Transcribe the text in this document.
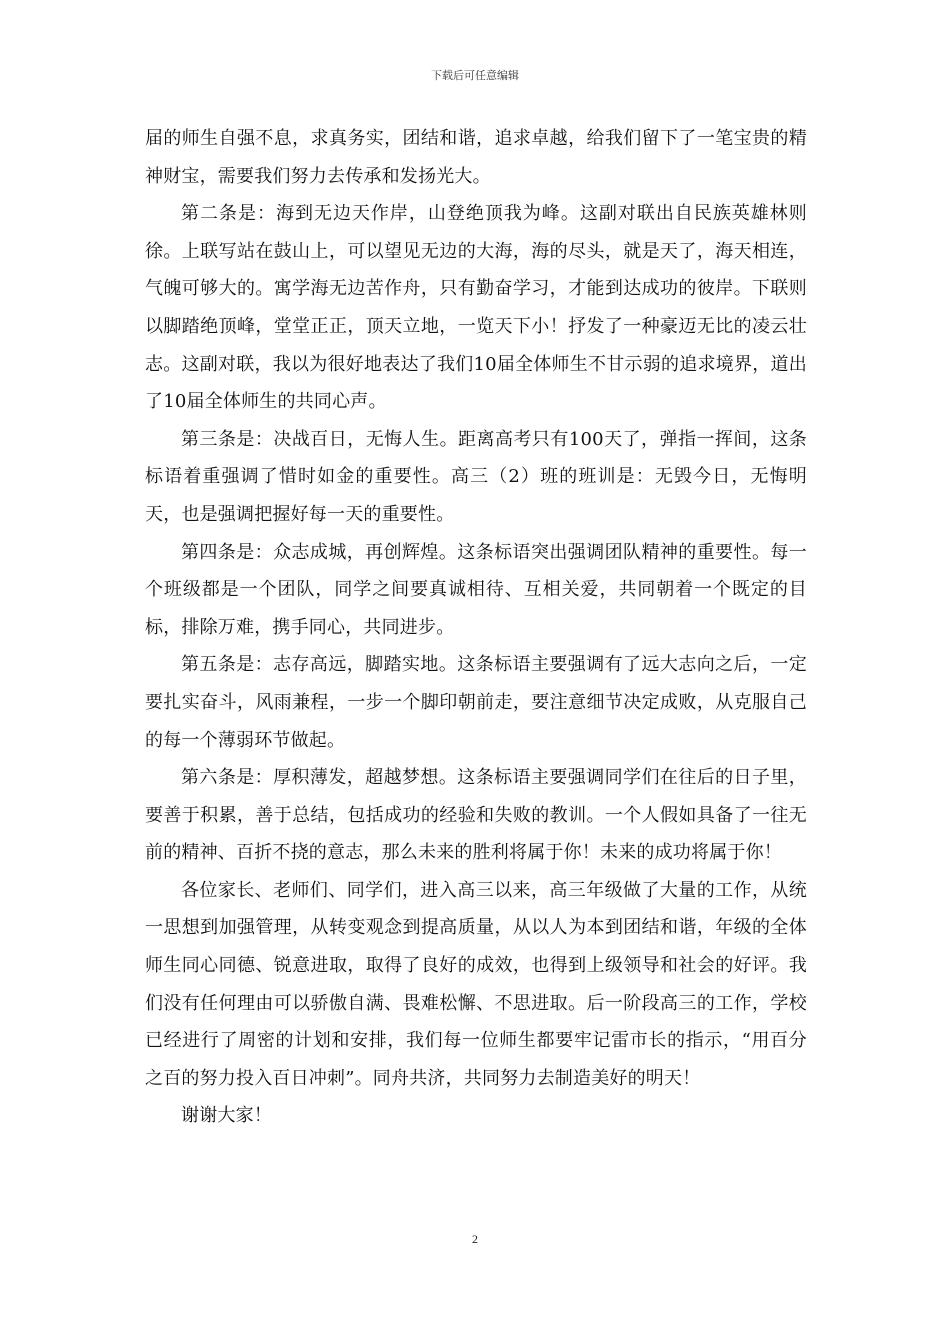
下载后可任意编辑

届的师生自强不息，求真务实，团结和谐，追求卓越，给我们留下了一笔宝贵的精神财宝，需要我们努力去传承和发扬光大。

第二条是：海到无边天作岸，山登绝顶我为峰。这副对联出自民族英雄林则徐。上联写站在鼓山上，可以望见无边的大海，海的尽头，就是天了，海天相连，气魄可够大的。寓学海无边苦作舟，只有勤奋学习，才能到达成功的彼岸。下联则以脚踏绝顶峰，堂堂正正，顶天立地，一览天下小！抒发了一种豪迈无比的凌云壮志。这副对联，我以为很好地表达了我们10届全体师生不甘示弱的追求境界，道出了10届全体师生的共同心声。

第三条是：决战百日，无悔人生。距离高考只有100天了，弹指一挥间，这条标语着重强调了惜时如金的重要性。高三（2）班的班训是：无毁今日，无悔明天，也是强调把握好每一天的重要性。

第四条是：众志成城，再创辉煌。这条标语突出强调团队精神的重要性。每一个班级都是一个团队，同学之间要真诚相待、互相关爱，共同朝着一个既定的目标，排除万难，携手同心，共同进步。

第五条是：志存高远，脚踏实地。这条标语主要强调有了远大志向之后，一定要扎实奋斗，风雨兼程，一步一个脚印朝前走，要注意细节决定成败，从克服自己的每一个薄弱环节做起。

第六条是：厚积薄发，超越梦想。这条标语主要强调同学们在往后的日子里，要善于积累，善于总结，包括成功的经验和失败的教训。一个人假如具备了一往无前的精神、百折不挠的意志，那么未来的胜利将属于你！未来的成功将属于你！

各位家长、老师们、同学们，进入高三以来，高三年级做了大量的工作，从统一思想到加强管理，从转变观念到提高质量，从以人为本到团结和谐，年级的全体师生同心同德、锐意进取，取得了良好的成效，也得到上级领导和社会的好评。我们没有任何理由可以骄傲自满、畏难松懈、不思进取。后一阶段高三的工作，学校已经进行了周密的计划和安排，我们每一位师生都要牢记雷市长的指示，“用百分之百的努力投入百日冲刺”。同舟共济，共同努力去制造美好的明天！

谢谢大家！

2
